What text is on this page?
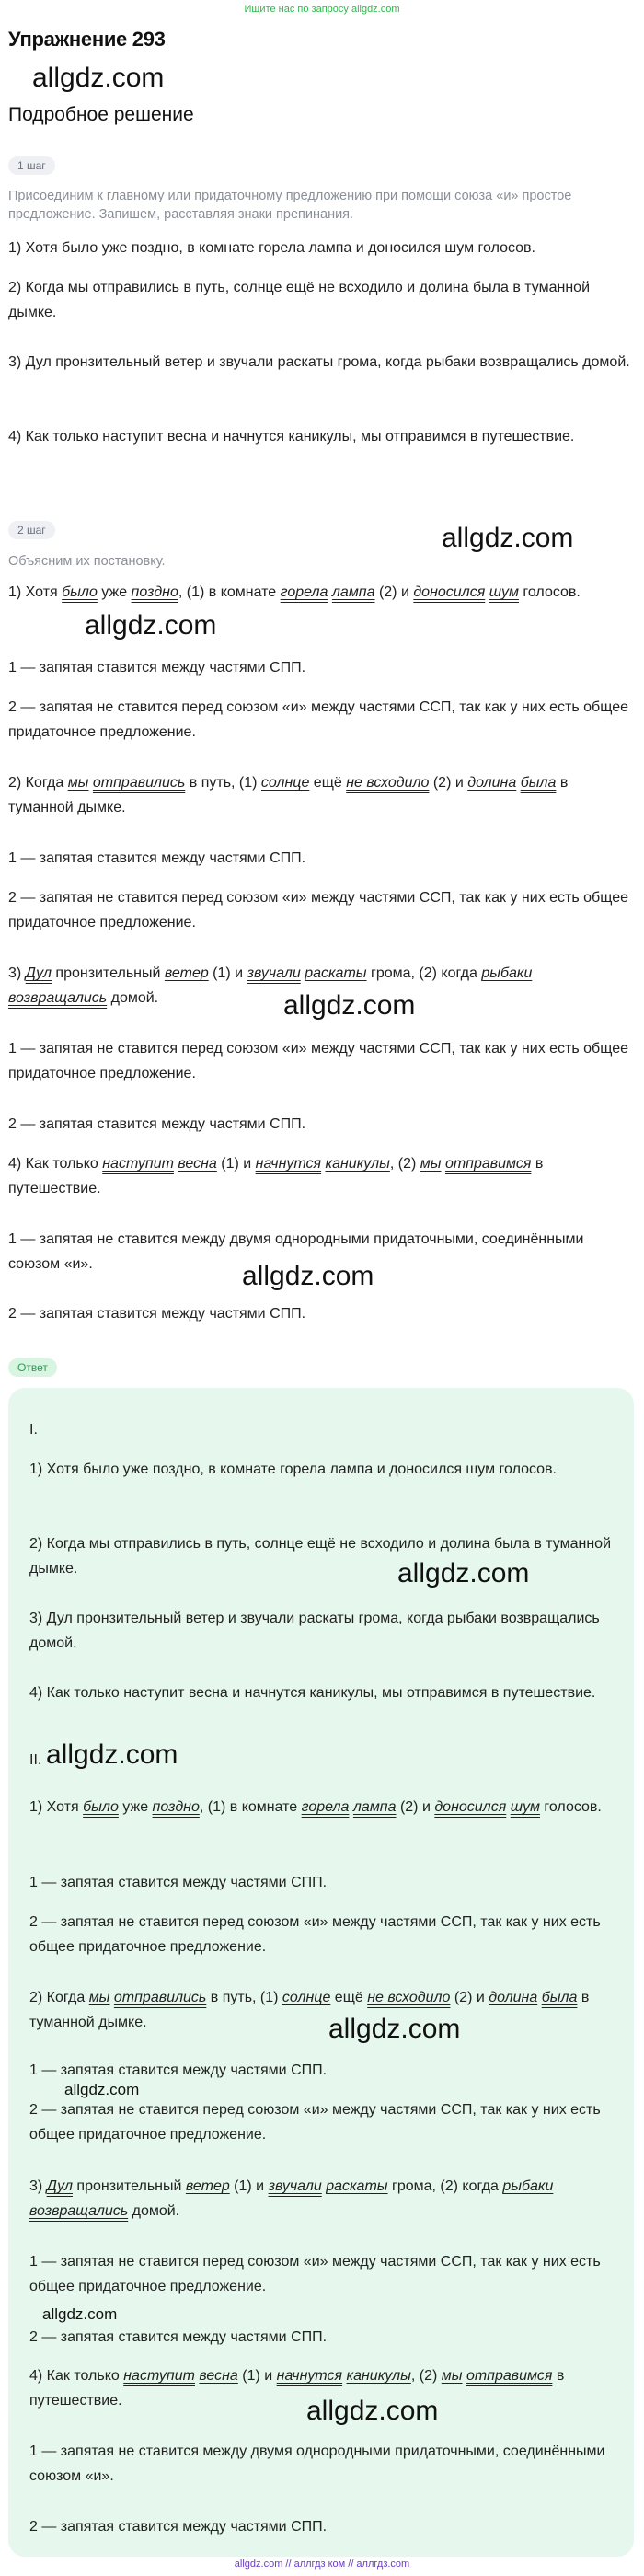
Ищите нас по запросу allgdz.com
Упражнение 293
allgdz.com
Подробное решение
1 шаг
Присоединим к главному или придаточному предложению при помощи союза «и» простое предложение. Запишем, расставляя знаки препинания.
1) Хотя было уже поздно, в комнате горела лампа и доносился шум голосов.
2) Когда мы отправились в путь, солнце ещё не всходило и долина была в туманной дымке.
3) Дул пронзительный ветер и звучали раскаты грома, когда рыбаки возвращались домой.
4) Как только наступит весна и начнутся каникулы, мы отправимся в путешествие.
2 шаг	allgdz.com
Объясним их постановку.
1) Хотя было уже поздно, (1) в комнате горела лампа (2) и доносился шум голосов.
allgdz.com
1 — запятая ставится между частями СПП.
2 — запятая не ставится перед союзом «и» между частями ССП, так как у них есть общее придаточное предложение.
2) Когда мы отправились в путь, (1) солнце ещё не всходило (2) и долина была в туманной дымке.
1 — запятая ставится между частями СПП.
2 — запятая не ставится перед союзом «и» между частями ССП, так как у них есть общее придаточное предложение.
3) Дул пронзительный ветер (1) и звучали раскаты грома, (2) когда рыбаки возвращались домой.	allgdz.com
1 — запятая не ставится перед союзом «и» между частями ССП, так как у них есть общее придаточное предложение.
2 — запятая ставится между частями СПП.
4) Как только наступит весна (1) и начнутся каникулы, (2) мы отправимся в путешествие.
1 — запятая не ставится между двумя однородными придаточными, соединёнными союзом «и».	allgdz.com
2 — запятая ставится между частями СПП.
Ответ
I.
1) Хотя было уже поздно, в комнате горела лампа и доносился шум голосов.
2) Когда мы отправились в путь, солнце ещё не всходило и долина была в туманной дымке.	allgdz.com
3) Дул пронзительный ветер и звучали раскаты грома, когда рыбаки возвращались домой.
4) Как только наступит весна и начнутся каникулы, мы отправимся в путешествие.
II. allgdz.com
1) Хотя было уже поздно, (1) в комнате горела лампа (2) и доносился шум голосов.
1 — запятая ставится между частями СПП.
2 — запятая не ставится перед союзом «и» между частями ССП, так как у них есть общее придаточное предложение.
2) Когда мы отправились в путь, (1) солнце ещё не всходило (2) и долина была в туманной дымке.	allgdz.com
1 — запятая ставится между частями СПП.
allgdz.com
2 — запятая не ставится перед союзом «и» между частями ССП, так как у них есть общее придаточное предложение.
3) Дул пронзительный ветер (1) и звучали раскаты грома, (2) когда рыбаки возвращались домой.
1 — запятая не ставится перед союзом «и» между частями ССП, так как у них есть общее придаточное предложение.
allgdz.com
2 — запятая ставится между частями СПП.
4) Как только наступит весна (1) и начнутся каникулы, (2) мы отправимся в путешествие.	allgdz.com
1 — запятая не ставится между двумя однородными придаточными, соединёнными союзом «и».
2 — запятая ставится между частями СПП.
allgdz.com // аллгдз ком // аллгдз.com
